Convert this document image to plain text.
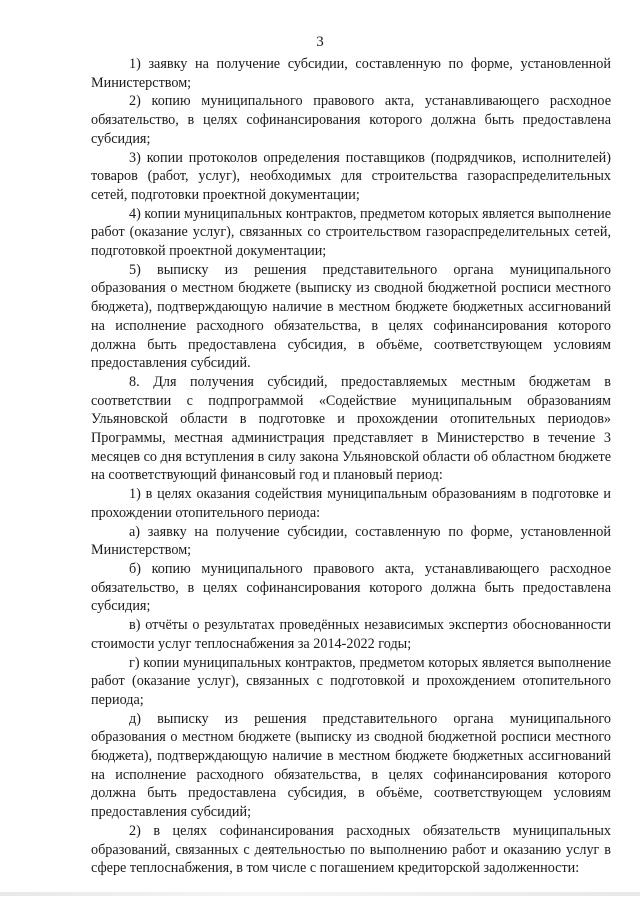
3

1) заявку на получение субсидии, составленную по форме, установленной Министерством;

2) копию муниципального правового акта, устанавливающего расходное обязательство, в целях софинансирования которого должна быть предоставлена субсидия;

3) копии протоколов определения поставщиков (подрядчиков, исполнителей) товаров (работ, услуг), необходимых для строительства газораспределительных сетей, подготовки проектной документации;

4) копии муниципальных контрактов, предметом которых является выполнение работ (оказание услуг), связанных со строительством газораспределительных сетей, подготовкой проектной документации;

5) выписку из решения представительного органа муниципального образования о местном бюджете (выписку из сводной бюджетной росписи местного бюджета), подтверждающую наличие в местном бюджете бюджетных ассигнований на исполнение расходного обязательства, в целях софинансирования которого должна быть предоставлена субсидия, в объёме, соответствующем условиям предоставления субсидий.

8. Для получения субсидий, предоставляемых местным бюджетам в соответствии с подпрограммой «Содействие муниципальным образованиям Ульяновской области в подготовке и прохождении отопительных периодов» Программы, местная администрация представляет в Министерство в течение 3 месяцев со дня вступления в силу закона Ульяновской области об областном бюджете на соответствующий финансовый год и плановый период:

1) в целях оказания содействия муниципальным образованиям в подготовке и прохождении отопительного периода:

а) заявку на получение субсидии, составленную по форме, установленной Министерством;

б) копию муниципального правового акта, устанавливающего расходное обязательство, в целях софинансирования которого должна быть предоставлена субсидия;

в) отчёты о результатах проведённых независимых экспертиз обоснованности стоимости услуг теплоснабжения за 2014-2022 годы;

г) копии муниципальных контрактов, предметом которых является выполнение работ (оказание услуг), связанных с подготовкой и прохождением отопительного периода;

д) выписку из решения представительного органа муниципального образования о местном бюджете (выписку из сводной бюджетной росписи местного бюджета), подтверждающую наличие в местном бюджете бюджетных ассигнований на исполнение расходного обязательства, в целях софинансирования которого должна быть предоставлена субсидия, в объёме, соответствующем условиям предоставления субсидий;

2) в целях софинансирования расходных обязательств муниципальных образований, связанных с деятельностью по выполнению работ и оказанию услуг в сфере теплоснабжения, в том числе с погашением кредиторской задолженности:
